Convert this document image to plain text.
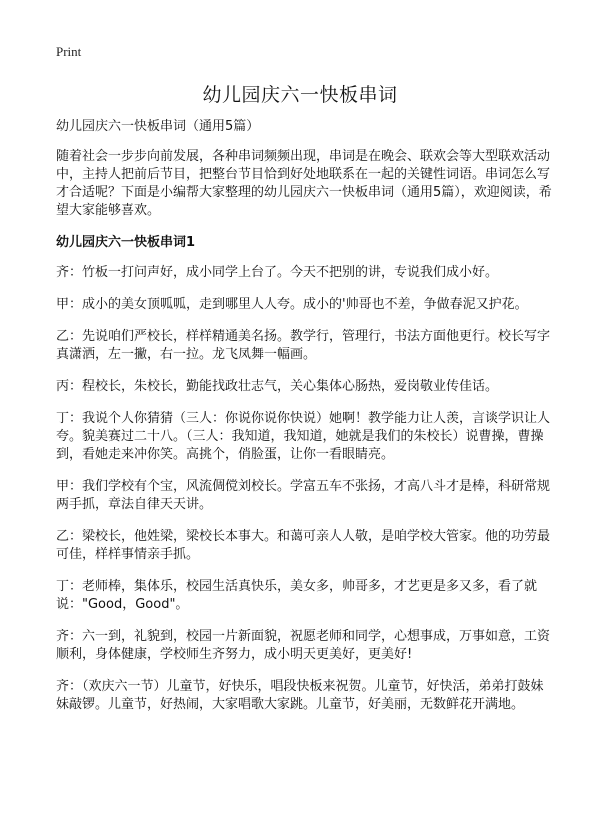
Print
幼儿园庆六一快板串词

幼儿园庆六一快板串词（通用5篇）

随着社会一步步向前发展，各种串词频频出现，串词是在晚会、联欢会等大型联欢活动中，主持人把前后节目，把整台节目恰到好处地联系在一起的关键性词语。串词怎么写才合适呢？下面是小编帮大家整理的幼儿园庆六一快板串词（通用5篇），欢迎阅读，希望大家能够喜欢。

幼儿园庆六一快板串词1

齐：竹板一打问声好，成小同学上台了。今天不把别的讲，专说我们成小好。

甲：成小的美女顶呱呱，走到哪里人人夸。成小的'帅哥也不差，争做春泥又护花。

乙：先说咱们严校长，样样精通美名扬。教学行，管理行，书法方面他更行。校长写字真潇洒，左一撇，右一拉。龙飞凤舞一幅画。

丙：程校长，朱校长，勤能找政壮志气，关心集体心肠热，爱岗敬业传佳话。

丁：我说个人你猜猜（三人：你说你说你快说）她啊！教学能力让人羡，言谈学识让人夸。貌美赛过二十八。（三人：我知道，我知道，她就是我们的朱校长）说曹操，曹操到，看她走来冲你笑。高挑个，俏脸蛋，让你一看眼睛亮。

甲：我们学校有个宝，风流倜傥刘校长。学富五车不张扬，才高八斗才是棒，科研常规两手抓，章法自律天天讲。

乙：梁校长，他姓梁，梁校长本事大。和蔼可亲人人敬，是咱学校大管家。他的功劳最可佳，样样事情亲手抓。

丁：老师棒，集体乐，校园生活真快乐，美女多，帅哥多，才艺更是多又多，看了就说："Good，Good"。

齐：六一到，礼貌到，校园一片新面貌，祝愿老师和同学，心想事成，万事如意，工资顺利，身体健康，学校师生齐努力，成小明天更美好，更美好!

齐：（欢庆六一节）儿童节，好快乐，唱段快板来祝贺。儿童节，好快活，弟弟打鼓妹妹敲锣。儿童节，好热闹，大家唱歌大家跳。儿童节，好美丽，无数鲜花开满地。
